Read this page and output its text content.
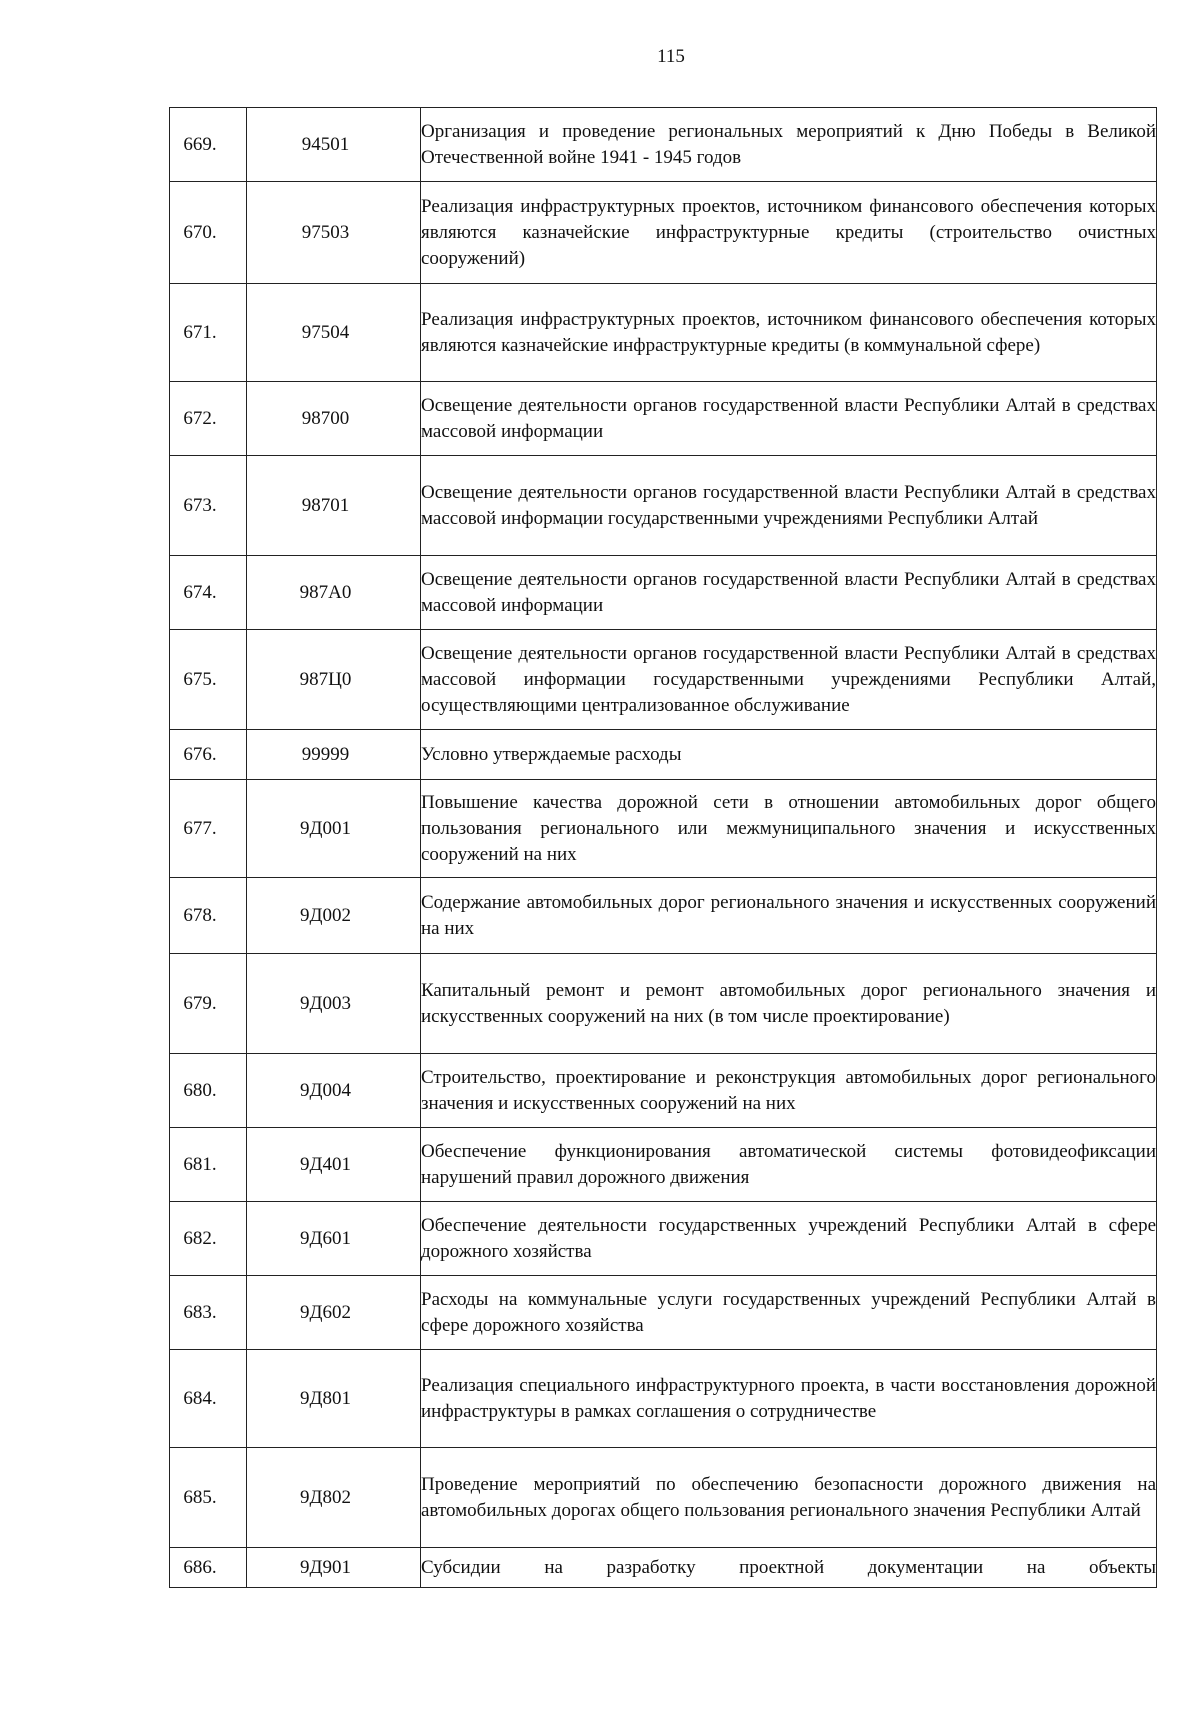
115
669.	94501	Организация и проведение региональных мероприятий к Дню Победы в Великой Отечественной войне 1941 - 1945 годов
670.	97503	Реализация инфраструктурных проектов, источником финансового обеспечения которых являются казначейские инфраструктурные кредиты (строительство очистных сооружений)
671.	97504	Реализация инфраструктурных проектов, источником финансового обеспечения которых являются казначейские инфраструктурные кредиты (в коммунальной сфере)
672.	98700	Освещение деятельности органов государственной власти Республики Алтай в средствах массовой информации
673.	98701	Освещение деятельности органов государственной власти Республики Алтай в средствах массовой информации государственными учреждениями Республики Алтай
674.	987А0	Освещение деятельности органов государственной власти Республики Алтай в средствах массовой информации
675.	987Ц0	Освещение деятельности органов государственной власти Республики Алтай в средствах массовой информации государственными учреждениями Республики Алтай, осуществляющими централизованное обслуживание
676.	99999	Условно утверждаемые расходы
677.	9Д001	Повышение качества дорожной сети в отношении автомобильных дорог общего пользования регионального или межмуниципального значения и искусственных сооружений на них
678.	9Д002	Содержание автомобильных дорог регионального значения и искусственных сооружений на них
679.	9Д003	Капитальный ремонт и ремонт автомобильных дорог регионального значения и искусственных сооружений на них (в том числе проектирование)
680.	9Д004	Строительство, проектирование и реконструкция автомобильных дорог регионального значения и искусственных сооружений на них
681.	9Д401	Обеспечение функционирования автоматической системы фотовидеофиксации нарушений правил дорожного движения
682.	9Д601	Обеспечение деятельности государственных учреждений Республики Алтай в сфере дорожного хозяйства
683.	9Д602	Расходы на коммунальные услуги государственных учреждений Республики Алтай в сфере дорожного хозяйства
684.	9Д801	Реализация специального инфраструктурного проекта, в части восстановления дорожной инфраструктуры в рамках соглашения о сотрудничестве
685.	9Д802	Проведение мероприятий по обеспечению безопасности дорожного движения на автомобильных дорогах общего пользования регионального значения Республики Алтай
686.	9Д901	Субсидии на разработку проектной документации на объекты
